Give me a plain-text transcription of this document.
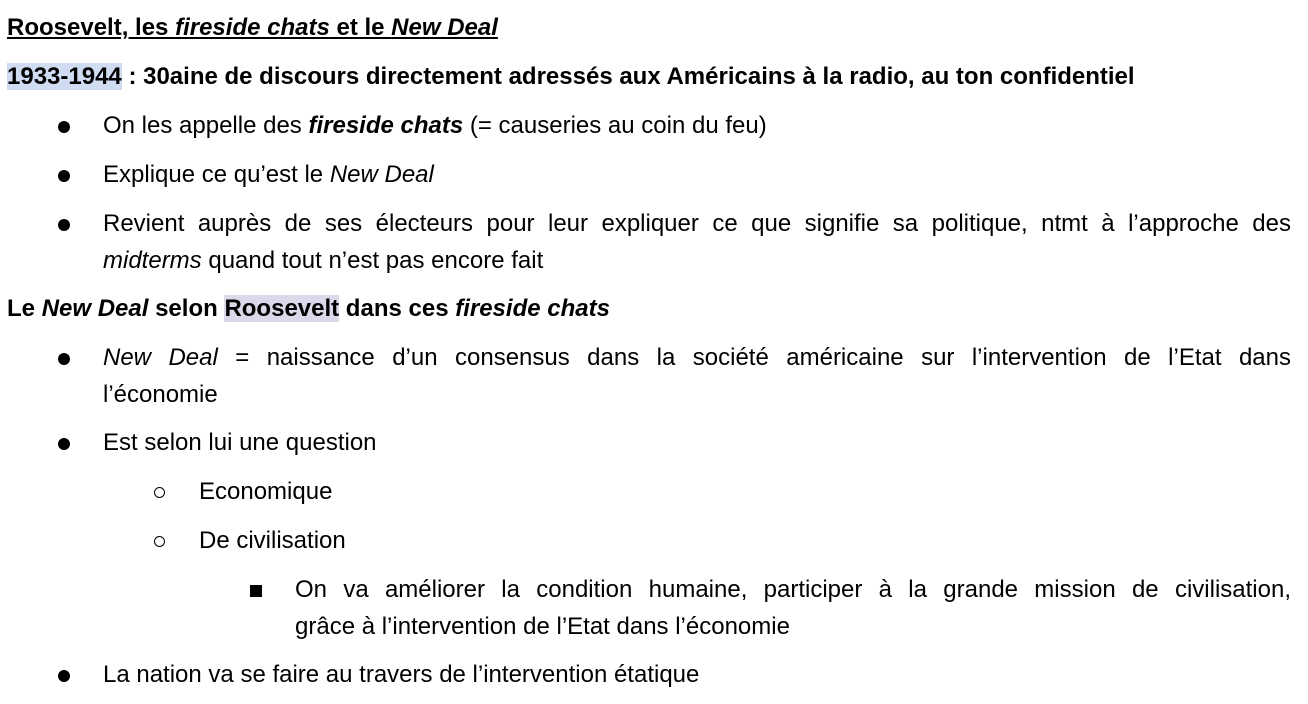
Roosevelt, les fireside chats et le New Deal
1933-1944 : 30aine de discours directement adressés aux Américains à la radio, au ton confidentiel
On les appelle des fireside chats (= causeries au coin du feu)
Explique ce qu’est le New Deal
Revient auprès de ses électeurs pour leur expliquer ce que signifie sa politique, ntmt à l’approche des
midterms quand tout n’est pas encore fait
Le New Deal selon Roosevelt dans ces fireside chats
New Deal = naissance d’un consensus dans la société américaine sur l’intervention de l’Etat dans
l’économie
Est selon lui une question
Economique
De civilisation
On va améliorer la condition humaine, participer à la grande mission de civilisation,
grâce à l’intervention de l’Etat dans l’économie
La nation va se faire au travers de l’intervention étatique
